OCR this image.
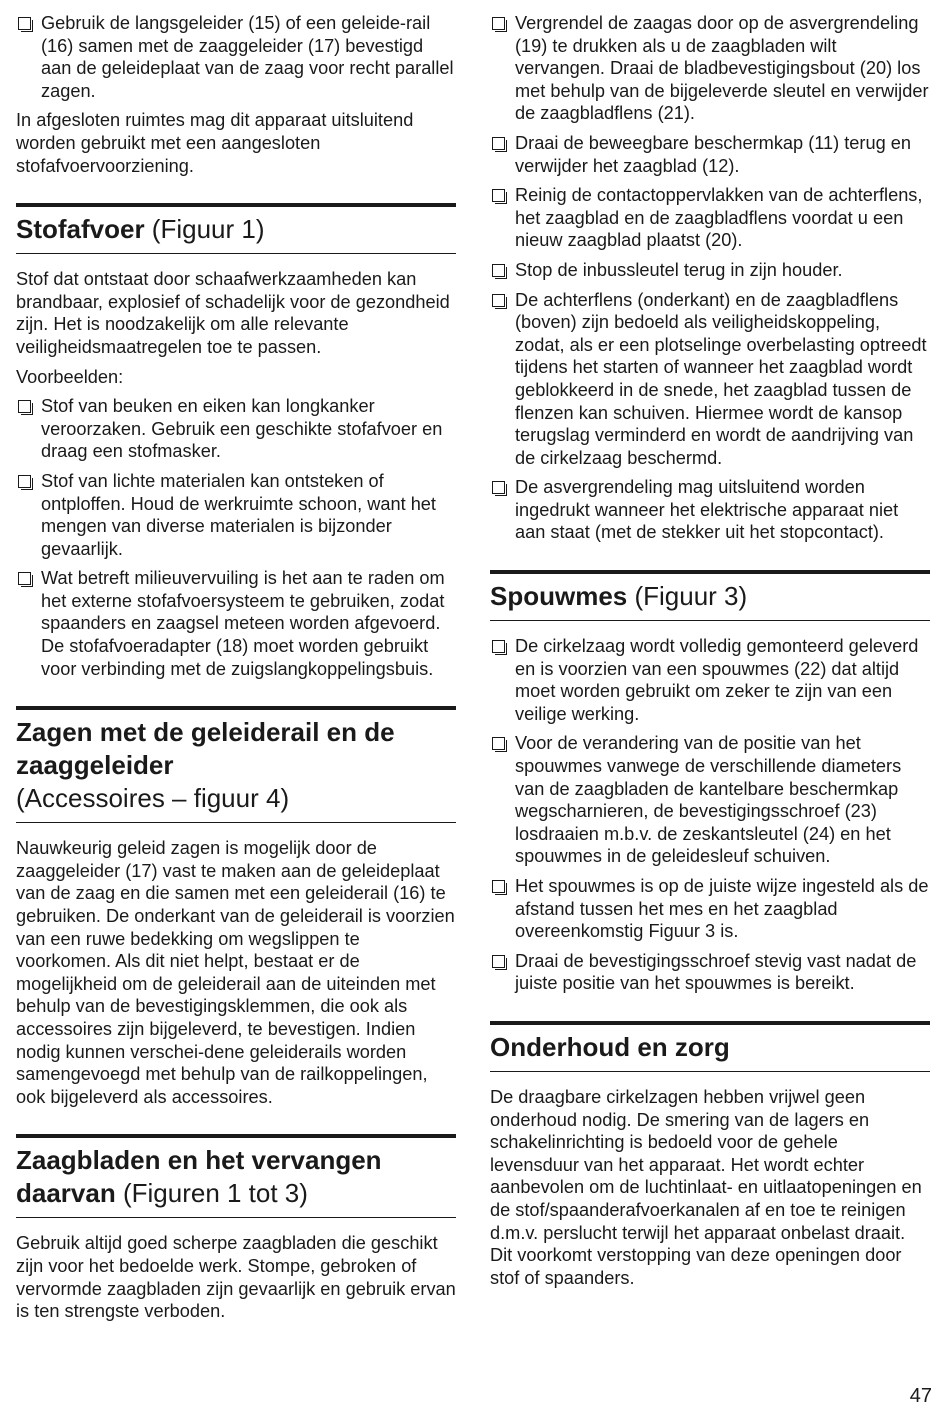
Gebruik de langsgeleider (15) of een geleide-rail (16) samen met de zaaggeleider (17) bevestigd aan de geleideplaat van de zaag voor recht parallel zagen.

In afgesloten ruimtes mag dit apparaat uitsluitend worden gebruikt met een aangesloten stofafvoervoorziening.

Stofafvoer (Figuur 1)

Stof dat ontstaat door schaafwerkzaamheden kan brandbaar, explosief of schadelijk voor de gezondheid zijn. Het is noodzakelijk om alle relevante veiligheidsmaatregelen toe te passen.

Voorbeelden:

Stof van beuken en eiken kan longkanker veroorzaken. Gebruik een geschikte stofafvoer en draag een stofmasker.
Stof van lichte materialen kan ontsteken of ontploffen. Houd de werkruimte schoon, want het mengen van diverse materialen is bijzonder gevaarlijk.
Wat betreft milieuvervuiling is het aan te raden om het externe stofafvoersysteem te gebruiken, zodat spaanders en zaagsel meteen worden afgevoerd. De stofafvoeradapter (18) moet worden gebruikt voor verbinding met de zuigslangkoppelingsbuis.
Zagen met de geleiderail en de zaaggeleider
(Accessoires – figuur 4)

Nauwkeurig geleid zagen is mogelijk door de zaaggeleider (17) vast te maken aan de geleideplaat van de zaag en die samen met een geleiderail (16) te gebruiken. De onderkant van de geleiderail is voorzien van een ruwe bedekking om wegslippen te voorkomen. Als dit niet helpt, bestaat er de mogelijkheid om de geleiderail aan de uiteinden met behulp van de bevestigingsklemmen, die ook als accessoires zijn bijgeleverd, te bevestigen. Indien nodig kunnen verschei-dene geleiderails worden samengevoegd met behulp van de railkoppelingen, ook bijgeleverd als accessoires.

Zaagbladen en het vervangen daarvan (Figuren 1 tot 3)

Gebruik altijd goed scherpe zaagbladen die geschikt zijn voor het bedoelde werk. Stompe, gebroken of vervormde zaagbladen zijn gevaarlijk en gebruik ervan is ten strengste verboden.

Vergrendel de zaagas door op de asvergrendeling (19) te drukken als u de zaagbladen wilt vervangen. Draai de bladbevestigingsbout (20) los met behulp van de bijgeleverde sleutel en verwijder de zaagbladflens (21).
Draai de beweegbare beschermkap (11) terug en verwijder het zaagblad (12).
Reinig de contactoppervlakken van de achterflens, het zaagblad en de zaagbladflens voordat u een nieuw zaagblad plaatst (20).
Stop de inbussleutel terug in zijn houder.
De achterflens (onderkant) en de zaagbladflens (boven) zijn bedoeld als veiligheidskoppeling, zodat, als er een plotselinge overbelasting optreedt tijdens het starten of wanneer het zaagblad wordt geblokkeerd in de snede, het zaagblad tussen de flenzen kan schuiven. Hiermee wordt de kansop terugslag verminderd en wordt de aandrijving van de cirkelzaag beschermd.
De asvergrendeling mag uitsluitend worden ingedrukt wanneer het elektrische apparaat niet aan staat (met de stekker uit het stopcontact).
Spouwmes (Figuur 3)
De cirkelzaag wordt volledig gemonteerd geleverd en is voorzien van een spouwmes (22) dat altijd moet worden gebruikt om zeker te zijn van een veilige werking.
Voor de verandering van de positie van het spouwmes vanwege de verschillende diameters van de zaagbladen de kantelbare beschermkap wegscharnieren, de bevestigingsschroef (23) losdraaien m.b.v. de zeskantsleutel (24) en het spouwmes in de geleidesleuf schuiven.
Het spouwmes is op de juiste wijze ingesteld als de afstand tussen het mes en het zaagblad overeenkomstig Figuur 3 is.
Draai de bevestigingsschroef stevig vast nadat de juiste positie van het spouwmes is bereikt.
Onderhoud en zorg

De draagbare cirkelzagen hebben vrijwel geen onderhoud nodig. De smering van de lagers en schakelinrichting is bedoeld voor de gehele levensduur van het apparaat. Het wordt echter aanbevolen om de luchtinlaat- en uitlaatopeningen en de stof/spaanderafvoerkanalen af en toe te reinigen d.m.v. perslucht terwijl het apparaat onbelast draait. Dit voorkomt verstopping van deze openingen door stof of spaanders.

47
